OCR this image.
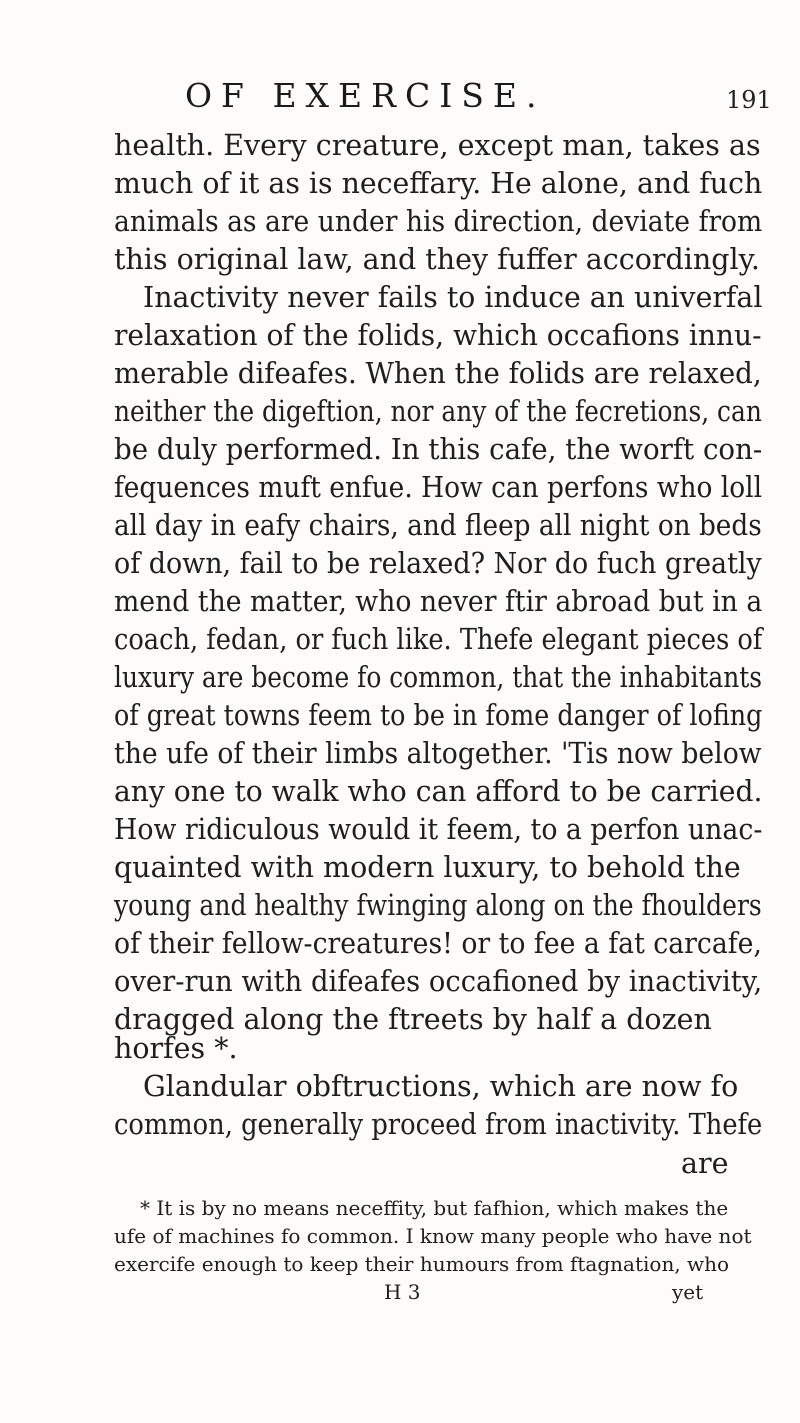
OF EXERCISE.	191
health. Every creature, except man, takes as
much of it as is neceffary. He alone, and fuch
animals as are under his direction, deviate from
this original law, and they fuffer accordingly.
Inactivity never fails to induce an univerfal
relaxation of the folids, which occafions innu-
merable difeafes. When the folids are relaxed,
neither the digeftion, nor any of the fecretions, can
be duly performed. In this cafe, the worft con-
fequences muft enfue. How can perfons who loll
all day in eafy chairs, and fleep all night on beds
of down, fail to be relaxed? Nor do fuch greatly
mend the matter, who never ftir abroad but in a
coach, fedan, or fuch like. Thefe elegant pieces of
luxury are become fo common, that the inhabitants
of great towns feem to be in fome danger of lofing
the ufe of their limbs altogether. 'Tis now below
any one to walk who can afford to be carried.
How ridiculous would it feem, to a perfon unac-
quainted with modern luxury, to behold the
young and healthy fwinging along on the fhoulders
of their fellow-creatures! or to fee a fat carcafe,
over-run with difeafes occafioned by inactivity,
dragged along the ftreets by half a dozen
horfes *.
Glandular obftructions, which are now fo
common, generally proceed from inactivity. Thefe
are
* It is by no means neceffity, but fafhion, which makes the
ufe of machines fo common. I know many people who have not
exercife enough to keep their humours from ftagnation, who
H 3	yet
